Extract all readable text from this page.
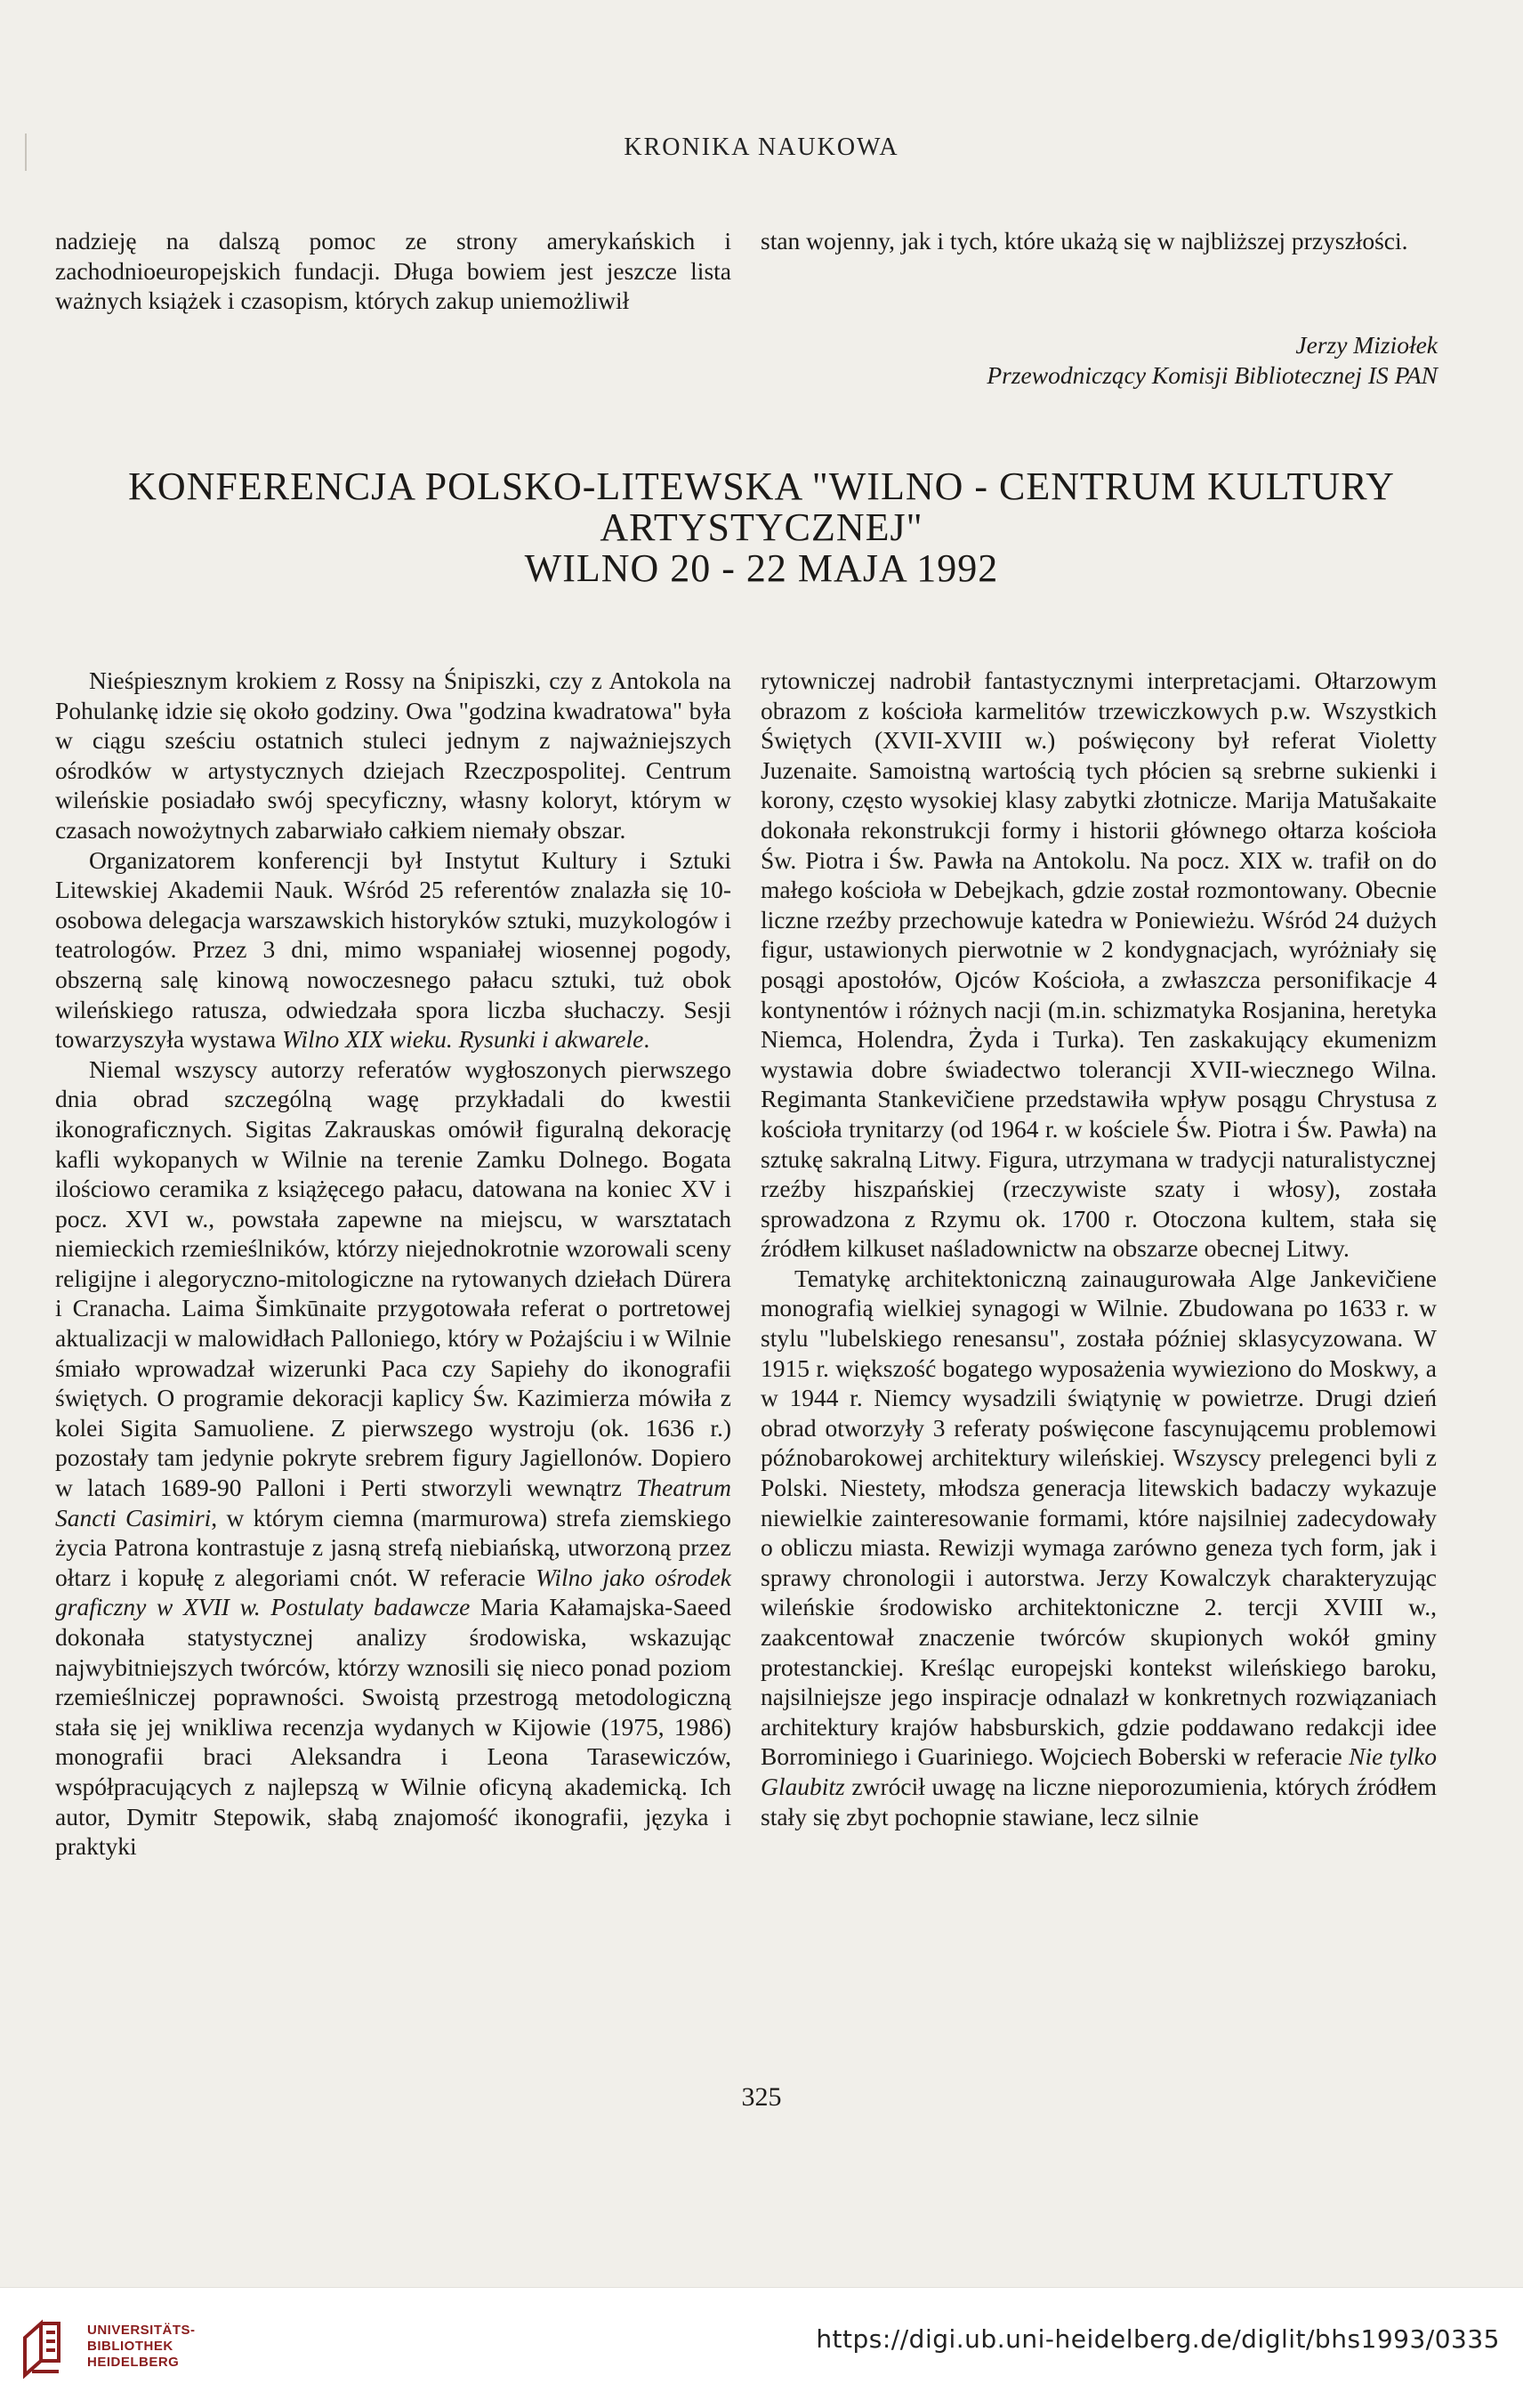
KRONIKA NAUKOWA

nadzieję na dalszą pomoc ze strony amerykańskich i zachodnioeuropejskich fundacji. Długa bowiem jest jeszcze lista ważnych książek i czasopism, których zakup uniemożliwił

stan wojenny, jak i tych, które ukażą się w najbliższej przyszłości.

Jerzy Miziołek
Przewodniczący Komisji Bibliotecznej IS PAN
KONFERENCJA POLSKO-LITEWSKA "WILNO - CENTRUM KULTURY
ARTYSTYCZNEJ"
WILNO 20 - 22 MAJA 1992

Nieśpiesznym krokiem z Rossy na Śnipiszki, czy z Antokola na Pohulankę idzie się około godziny. Owa "godzina kwadratowa" była w ciągu sześciu ostatnich stuleci jednym z najważniejszych ośrodków w artystycznych dziejach Rzeczpospolitej. Centrum wileńskie posiadało swój specyficzny, własny koloryt, którym w czasach nowożytnych zabarwiało całkiem niemały obszar.

Organizatorem konferencji był Instytut Kultury i Sztuki Litewskiej Akademii Nauk. Wśród 25 referentów znalazła się 10-osobowa delegacja warszawskich historyków sztuki, muzykologów i teatrologów. Przez 3 dni, mimo wspaniałej wiosennej pogody, obszerną salę kinową nowoczesnego pałacu sztuki, tuż obok wileńskiego ratusza, odwiedzała spora liczba słuchaczy. Sesji towarzyszyła wystawa Wilno XIX wieku. Rysunki i akwarele.

Niemal wszyscy autorzy referatów wygłoszonych pierwszego dnia obrad szczególną wagę przykładali do kwestii ikonograficznych. Sigitas Zakrauskas omówił figuralną dekorację kafli wykopanych w Wilnie na terenie Zamku Dolnego. Bogata ilościowo ceramika z książęcego pałacu, datowana na koniec XV i pocz. XVI w., powstała zapewne na miejscu, w warsztatach niemieckich rzemieślników, którzy niejednokrotnie wzorowali sceny religijne i alegoryczno-mitologiczne na rytowanych dziełach Dürera i Cranacha. Laima Šimkūnaite przygotowała referat o portretowej aktualizacji w malowidłach Palloniego, który w Pożajściu i w Wilnie śmiało wprowadzał wizerunki Paca czy Sapiehy do ikonografii świętych. O programie dekoracji kaplicy Św. Kazimierza mówiła z kolei Sigita Samuoliene. Z pierwszego wystroju (ok. 1636 r.) pozostały tam jedynie pokryte srebrem figury Jagiellonów. Dopiero w latach 1689-90 Palloni i Perti stworzyli wewnątrz Theatrum Sancti Casimiri, w którym ciemna (marmurowa) strefa ziemskiego życia Patrona kontrastuje z jasną strefą niebiańską, utworzoną przez ołtarz i kopułę z alegoriami cnót. W referacie Wilno jako ośrodek graficzny w XVII w. Postulaty badawcze Maria Kałamajska-Saeed dokonała statystycznej analizy środowiska, wskazując najwybitniejszych twórców, którzy wznosili się nieco ponad poziom rzemieślniczej poprawności. Swoistą przestrogą metodologiczną stała się jej wnikliwa recenzja wydanych w Kijowie (1975, 1986) monografii braci Aleksandra i Leona Tarasewiczów, współpracujących z najlepszą w Wilnie oficyną akademicką. Ich autor, Dymitr Stepowik, słabą znajomość ikonografii, języka i praktyki

rytowniczej nadrobił fantastycznymi interpretacjami. Ołtarzowym obrazom z kościoła karmelitów trzewiczkowych p.w. Wszystkich Świętych (XVII-XVIII w.) poświęcony był referat Violetty Juzenaite. Samoistną wartością tych płócien są srebrne sukienki i korony, często wysokiej klasy zabytki złotnicze. Marija Matušakaite dokonała rekonstrukcji formy i historii głównego ołtarza kościoła Św. Piotra i Św. Pawła na Antokolu. Na pocz. XIX w. trafił on do małego kościoła w Debejkach, gdzie został rozmontowany. Obecnie liczne rzeźby przechowuje katedra w Poniewieżu. Wśród 24 dużych figur, ustawionych pierwotnie w 2 kondygnacjach, wyróżniały się posągi apostołów, Ojców Kościoła, a zwłaszcza personifikacje 4 kontynentów i różnych nacji (m.in. schizmatyka Rosjanina, heretyka Niemca, Holendra, Żyda i Turka). Ten zaskakujący ekumenizm wystawia dobre świadectwo tolerancji XVII-wiecznego Wilna. Regimanta Stankevičiene przedstawiła wpływ posągu Chrystusa z kościoła trynitarzy (od 1964 r. w kościele Św. Piotra i Św. Pawła) na sztukę sakralną Litwy. Figura, utrzymana w tradycji naturalistycznej rzeźby hiszpańskiej (rzeczywiste szaty i włosy), została sprowadzona z Rzymu ok. 1700 r. Otoczona kultem, stała się źródłem kilkuset naśladownictw na obszarze obecnej Litwy.

Tematykę architektoniczną zainaugurowała Alge Jankevičiene monografią wielkiej synagogi w Wilnie. Zbudowana po 1633 r. w stylu "lubelskiego renesansu", została później sklasycyzowana. W 1915 r. większość bogatego wyposażenia wywieziono do Moskwy, a w 1944 r. Niemcy wysadzili świątynię w powietrze. Drugi dzień obrad otworzyły 3 referaty poświęcone fascynującemu problemowi późnobarokowej architektury wileńskiej. Wszyscy prelegenci byli z Polski. Niestety, młodsza generacja litewskich badaczy wykazuje niewielkie zainteresowanie formami, które najsilniej zadecydowały o obliczu miasta. Rewizji wymaga zarówno geneza tych form, jak i sprawy chronologii i autorstwa. Jerzy Kowalczyk charakteryzując wileńskie środowisko architektoniczne 2. tercji XVIII w., zaakcentował znaczenie twórców skupionych wokół gminy protestanckiej. Kreśląc europejski kontekst wileńskiego baroku, najsilniejsze jego inspiracje odnalazł w konkretnych rozwiązaniach architektury krajów habsburskich, gdzie poddawano redakcji idee Borrominiego i Guariniego. Wojciech Boberski w referacie Nie tylko Glaubitz zwrócił uwagę na liczne nieporozumienia, których źródłem stały się zbyt pochopnie stawiane, lecz silnie

325
UNIVERSITÄTS-
BIBLIOTHEK
HEIDELBERG
https://digi.ub.uni-heidelberg.de/diglit/bhs1993/0335
